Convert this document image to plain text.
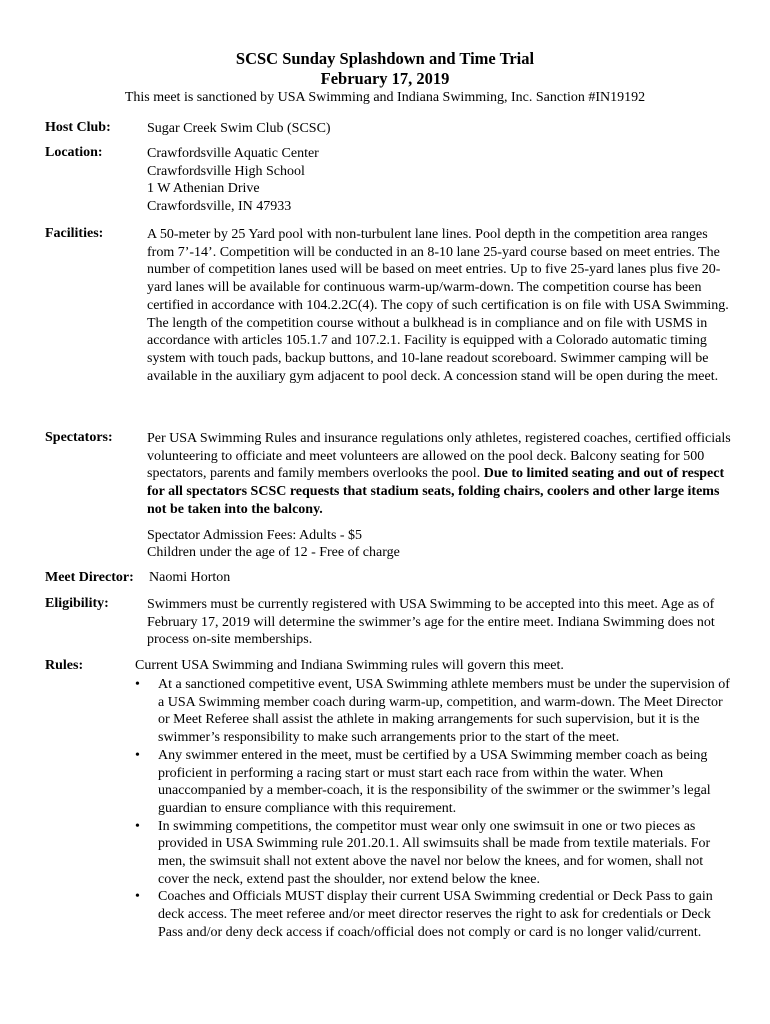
SCSC Sunday Splashdown and Time Trial
February 17, 2019
This meet is sanctioned by USA Swimming and Indiana Swimming, Inc. Sanction #IN19192
Host Club:	Sugar Creek Swim Club (SCSC)
Location:	Crawfordsville Aquatic Center
Crawfordsville High School
1 W Athenian Drive
Crawfordsville, IN 47933
Facilities:	A 50-meter by 25 Yard pool with non-turbulent lane lines. Pool depth in the competition area ranges from 7’-14’. Competition will be conducted in an 8-10 lane 25-yard course based on meet entries. The number of competition lanes used will be based on meet entries. Up to five 25-yard lanes plus five 20-yard lanes will be available for continuous warm-up/warm-down. The competition course has been certified in accordance with 104.2.2C(4). The copy of such certification is on file with USA Swimming.

The length of the competition course without a bulkhead is in compliance and on file with USMS in accordance with articles 105.1.7 and 107.2.1. Facility is equipped with a Colorado automatic timing system with touch pads, backup buttons, and 10-lane readout scoreboard. Swimmer camping will be available in the auxiliary gym adjacent to pool deck. A concession stand will be open during the meet.

Spectators: Per USA Swimming Rules and insurance regulations only athletes, registered coaches, certified officials volunteering to officiate and meet volunteers are allowed on the pool deck. Balcony seating for 500 spectators, parents and family members overlooks the pool. Due to limited seating and out of respect for all spectators SCSC requests that stadium seats, folding chairs, coolers and other large items not be taken into the balcony.

Spectator Admission Fees: Adults - $5

Children under the age of 12 - Free of charge

Meet Director: Naomi Horton
Eligibility:	Swimmers must be currently registered with USA Swimming to be accepted into this meet. Age as of February 17, 2019 will determine the swimmer’s age for the entire meet. Indiana Swimming does not process on-site memberships.
Rules:	Current USA Swimming and Indiana Swimming rules will govern this meet.
• At a sanctioned competitive event, USA Swimming athlete members must be under the supervision of a USA Swimming member coach during warm-up, competition, and warm-down. The Meet Director or Meet Referee shall assist the athlete in making arrangements for such supervision, but it is the swimmer’s responsibility to make such arrangements prior to the start of the meet.
• Any swimmer entered in the meet, must be certified by a USA Swimming member coach as being proficient in performing a racing start or must start each race from within the water. When unaccompanied by a member-coach, it is the responsibility of the swimmer or the swimmer’s legal guardian to ensure compliance with this requirement.
• In swimming competitions, the competitor must wear only one swimsuit in one or two pieces as provided in USA Swimming rule 201.20.1. All swimsuits shall be made from textile materials. For men, the swimsuit shall not extent above the navel nor below the knees, and for women, shall not cover the neck, extend past the shoulder, nor extend below the knee.
• Coaches and Officials MUST display their current USA Swimming credential or Deck Pass to gain deck access. The meet referee and/or meet director reserves the right to ask for credentials or Deck Pass and/or deny deck access if coach/official does not comply or card is no longer valid/current.
